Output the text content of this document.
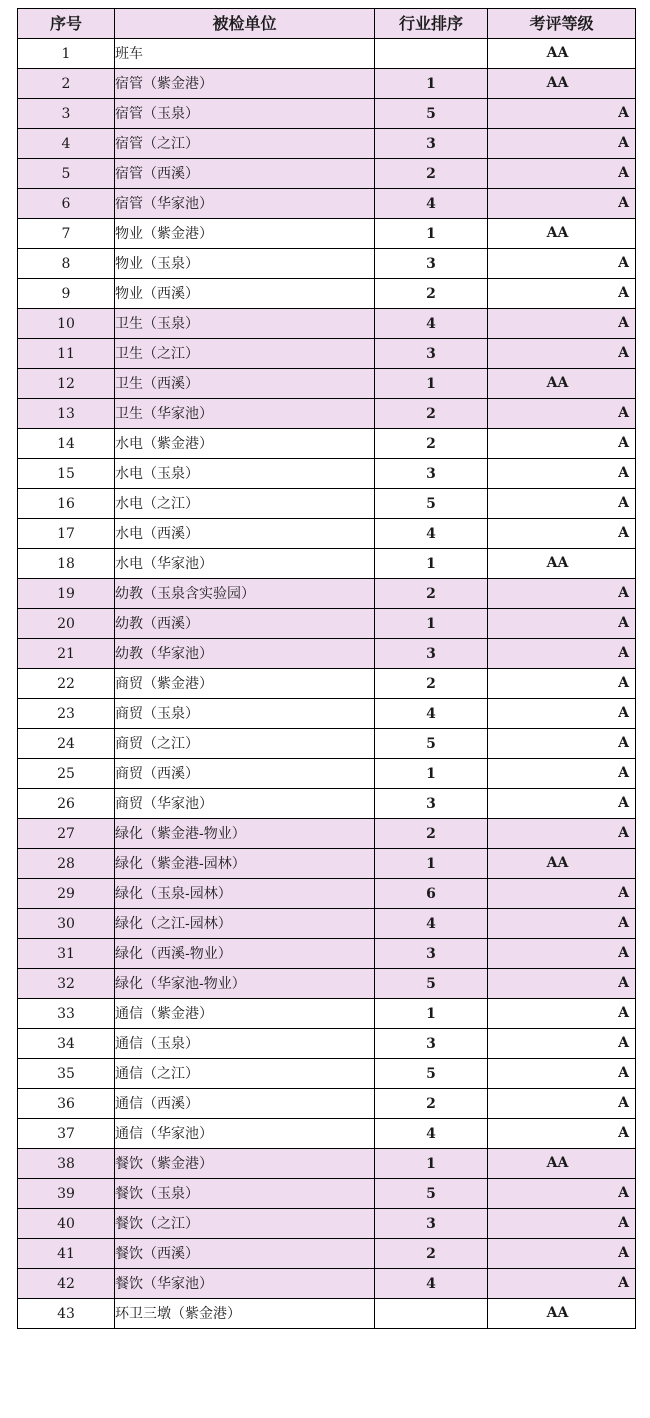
序号	被检单位	行业排序	考评等级
1	班车		AA
2	宿管（紫金港）	1	AA
3	宿管（玉泉）	5	A
4	宿管（之江）	3	A
5	宿管（西溪）	2	A
6	宿管（华家池）	4	A
7	物业（紫金港）	1	AA
8	物业（玉泉）	3	A
9	物业（西溪）	2	A
10	卫生（玉泉）	4	A
11	卫生（之江）	3	A
12	卫生（西溪）	1	AA
13	卫生（华家池）	2	A
14	水电（紫金港）	2	A
15	水电（玉泉）	3	A
16	水电（之江）	5	A
17	水电（西溪）	4	A
18	水电（华家池）	1	AA
19	幼教（玉泉含实验园）	2	A
20	幼教（西溪）	1	A
21	幼教（华家池）	3	A
22	商贸（紫金港）	2	A
23	商贸（玉泉）	4	A
24	商贸（之江）	5	A
25	商贸（西溪）	1	A
26	商贸（华家池）	3	A
27	绿化（紫金港-物业）	2	A
28	绿化（紫金港-园林）	1	AA
29	绿化（玉泉-园林）	6	A
30	绿化（之江-园林）	4	A
31	绿化（西溪-物业）	3	A
32	绿化（华家池-物业）	5	A
33	通信（紫金港）	1	A
34	通信（玉泉）	3	A
35	通信（之江）	5	A
36	通信（西溪）	2	A
37	通信（华家池）	4	A
38	餐饮（紫金港）	1	AA
39	餐饮（玉泉）	5	A
40	餐饮（之江）	3	A
41	餐饮（西溪）	2	A
42	餐饮（华家池）	4	A
43	环卫三墩（紫金港）		AA
